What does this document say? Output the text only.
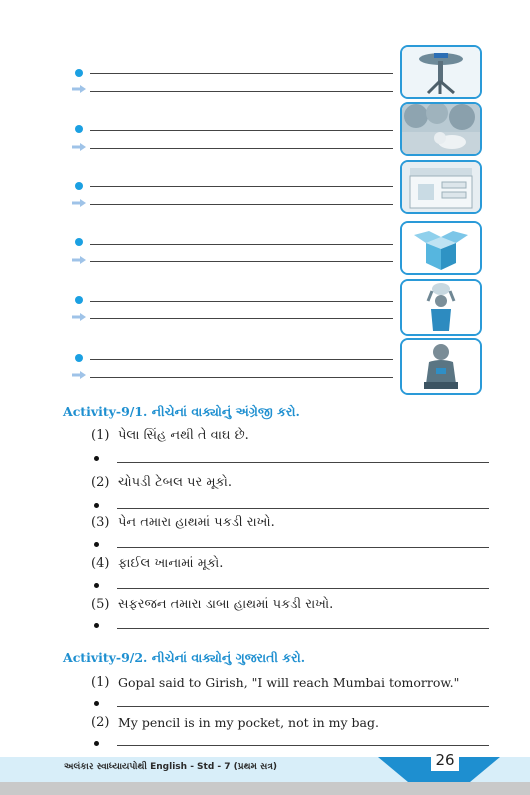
Activity-9/1. નીચેનાં વાક્યોનું અંગ્રેજી કરો.
(1) પેલા સિંહ નથી તે વાઘ છે.
(2) ચોપડી ટેબલ પર મૂકો.
(3) પેન તમારા હાથમાં પકડી રાખો.
(4) ફાઈલ ખાનામાં મૂકો.
(5) સફરજન તમારા ડાબા હાથમાં પકડી રાખો.
Activity-9/2. નીચેનાં વાક્યોનું ગુજરાતી કરો.
(1) Gopal said to Girish, "I will reach Mumbai tomorrow."
(2) My pencil is in my pocket, not in my bag.
અલંકાર સ્વાધ્યાયપોથી English - Std - 7 (પ્રથમ સત્ર)	26
